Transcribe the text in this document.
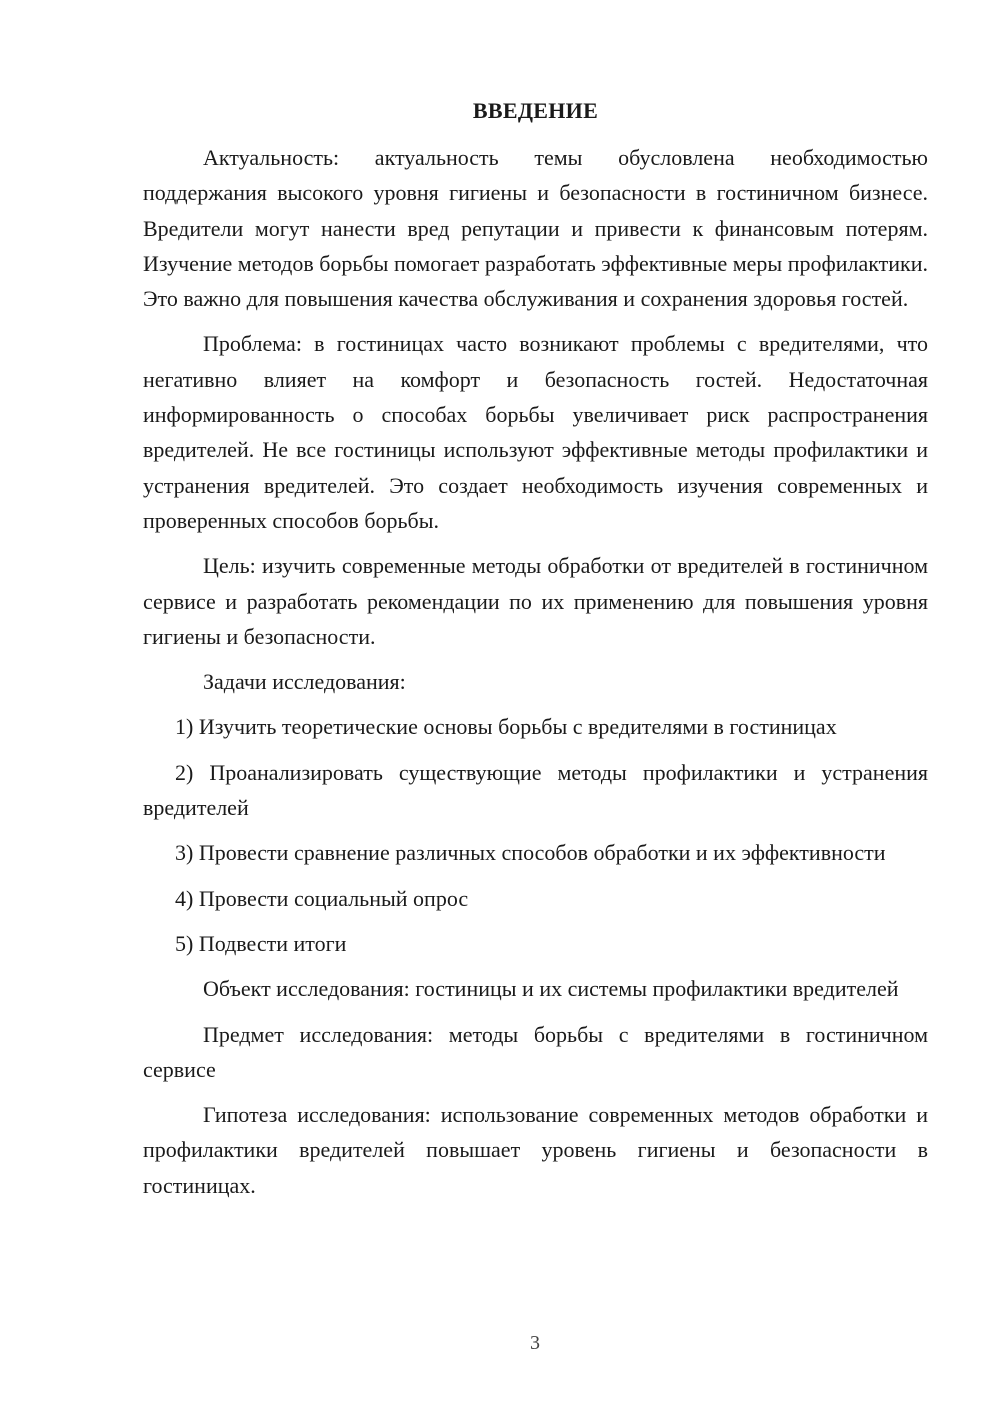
ВВЕДЕНИЕ

Актуальность: актуальность темы обусловлена необходимостью поддержания высокого уровня гигиены и безопасности в гостиничном бизнесе. Вредители могут нанести вред репутации и привести к финансовым потерям. Изучение методов борьбы помогает разработать эффективные меры профилактики. Это важно для повышения качества обслуживания и сохранения здоровья гостей.

Проблема: в гостиницах часто возникают проблемы с вредителями, что негативно влияет на комфорт и безопасность гостей. Недостаточная информированность о способах борьбы увеличивает риск распространения вредителей. Не все гостиницы используют эффективные методы профилактики и устранения вредителей. Это создает необходимость изучения современных и проверенных способов борьбы.

Цель: изучить современные методы обработки от вредителей в гостиничном сервисе и разработать рекомендации по их применению для повышения уровня гигиены и безопасности.

Задачи исследования:

1) Изучить теоретические основы борьбы с вредителями в гостиницах

2) Проанализировать существующие методы профилактики и устранения вредителей

3) Провести сравнение различных способов обработки и их эффективности

4) Провести социальный опрос

5) Подвести итоги

Объект исследования: гостиницы и их системы профилактики вредителей

Предмет исследования: методы борьбы с вредителями в гостиничном сервисе

Гипотеза исследования: использование современных методов обработки и профилактики вредителей повышает уровень гигиены и безопасности в гостиницах.

3
